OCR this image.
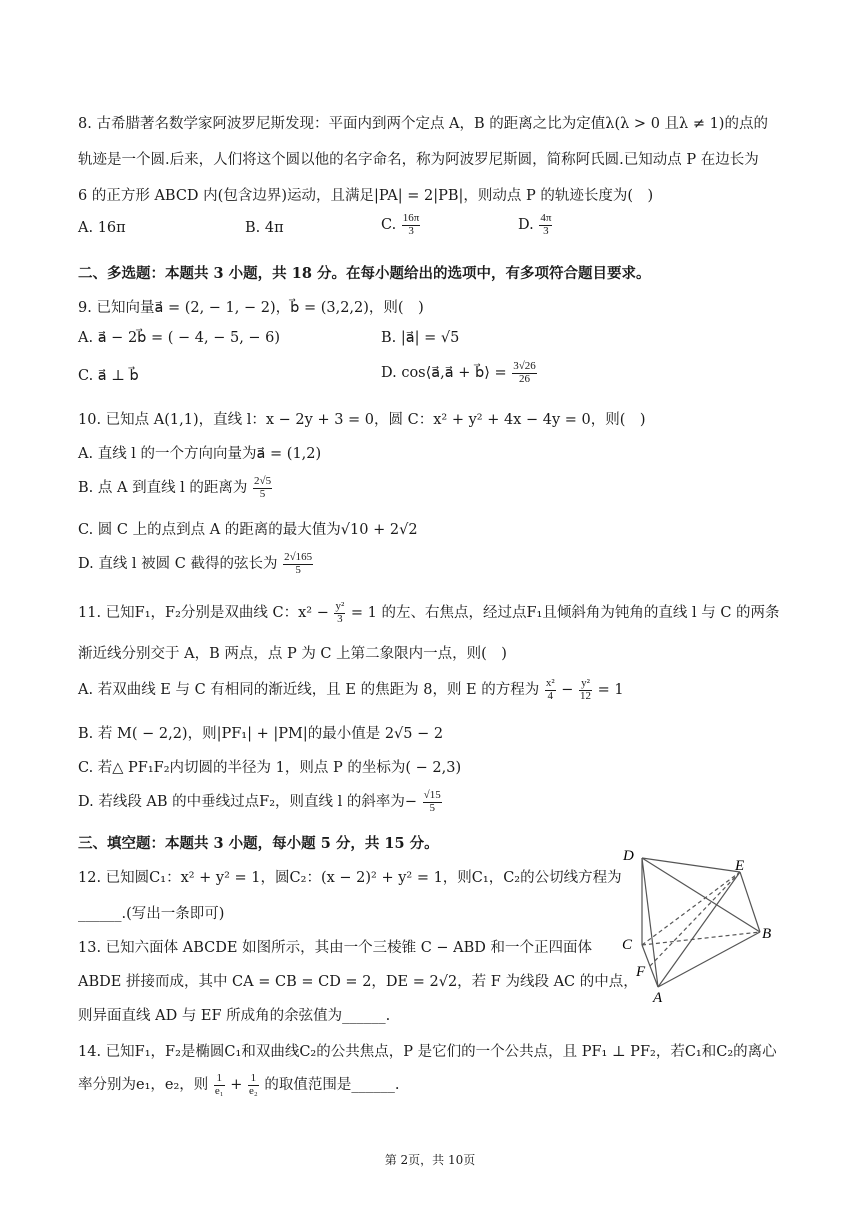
8. 古希腊著名数学家阿波罗尼斯发现：平面内到两个定点 A，B 的距离之比为定值λ(λ > 0 且λ ≠ 1)的点的
轨迹是一个圆.后来，人们将这个圆以他的名字命名，称为阿波罗尼斯圆，简称阿氏圆.已知动点 P 在边长为
6 的正方形 ABCD 内(包含边界)运动，且满足|PA| = 2|PB|，则动点 P 的轨迹长度为(　)
A. 16π	B. 4π	C. $\frac{16\pi}{3}$	D. $\frac{4\pi}{3}$
二、多选题：本题共 3 小题，共 18 分。在每小题给出的选项中，有多项符合题目要求。
9. 已知向量a⃗ = (2, − 1, − 2)，b⃗ = (3,2,2)，则(　)
A. a⃗ − 2b⃗ = ( − 4, − 5, − 6)	B. |a⃗| = √5
C. a⃗ ⊥ b⃗	D. cos⟨a⃗,a⃗ + b⃗⟩ = $\frac{3√26}{26}$
10. 已知点 A(1,1)，直线 l：x − 2y + 3 = 0，圆 C：x² + y² + 4x − 4y = 0，则(　)
A. 直线 l 的一个方向向量为a⃗ = (1,2)
B. 点 A 到直线 l 的距离为 $\frac{2√5}{5}$
C. 圆 C 上的点到点 A 的距离的最大值为√10 + 2√2
D. 直线 l 被圆 C 截得的弦长为 $\frac{2√165}{5}$
11. 已知F₁，F₂分别是双曲线 C：$x^2 - \frac{\text{y²}}{3} = 1$ 的左、右焦点，经过点F₁且倾斜角为钝角的直线 l 与 C 的两条
渐近线分别交于 A，B 两点，点 P 为 C 上第二象限内一点，则(　)
A. 若双曲线 E 与 C 有相同的渐近线，且 E 的焦距为 8，则 E 的方程为 $\frac{\text{x²}}{4} - \frac{\text{y²}}{12} = 1$
B. 若 M( − 2,2)，则|PF₁| + |PM|的最小值是 2√5 − 2
C. 若△ PF₁F₂内切圆的半径为 1，则点 P 的坐标为( − 2,3)
D. 若线段 AB 的中垂线过点F₂，则直线 l 的斜率为− $\frac{√15}{5}$
三、填空题：本题共 3 小题，每小题 5 分，共 15 分。
12. 已知圆C₁：x² + y² = 1，圆C₂：(x − 2)² + y² = 1，则C₁，C₂的公切线方程为
______.(写出一条即可)
13. 已知六面体 ABCDE 如图所示，其由一个三棱锥 C − ABD 和一个正四面体
ABDE 拼接而成，其中 CA = CB = CD = 2，DE = 2√2，若 F 为线段 AC 的中点，
则异面直线 AD 与 EF 所成角的余弦值为______.
D
E
C
B
F
A
14. 已知F₁，F₂是椭圆C₁和双曲线C₂的公共焦点，P 是它们的一个公共点，且 PF₁ ⊥ PF₂，若C₁和C₂的离心
率分别为e₁，e₂，则 $\frac{1}{\text{e₁}} + \frac{1}{\text{e₂}}$ 的取值范围是______.
第 2页，共 10页
